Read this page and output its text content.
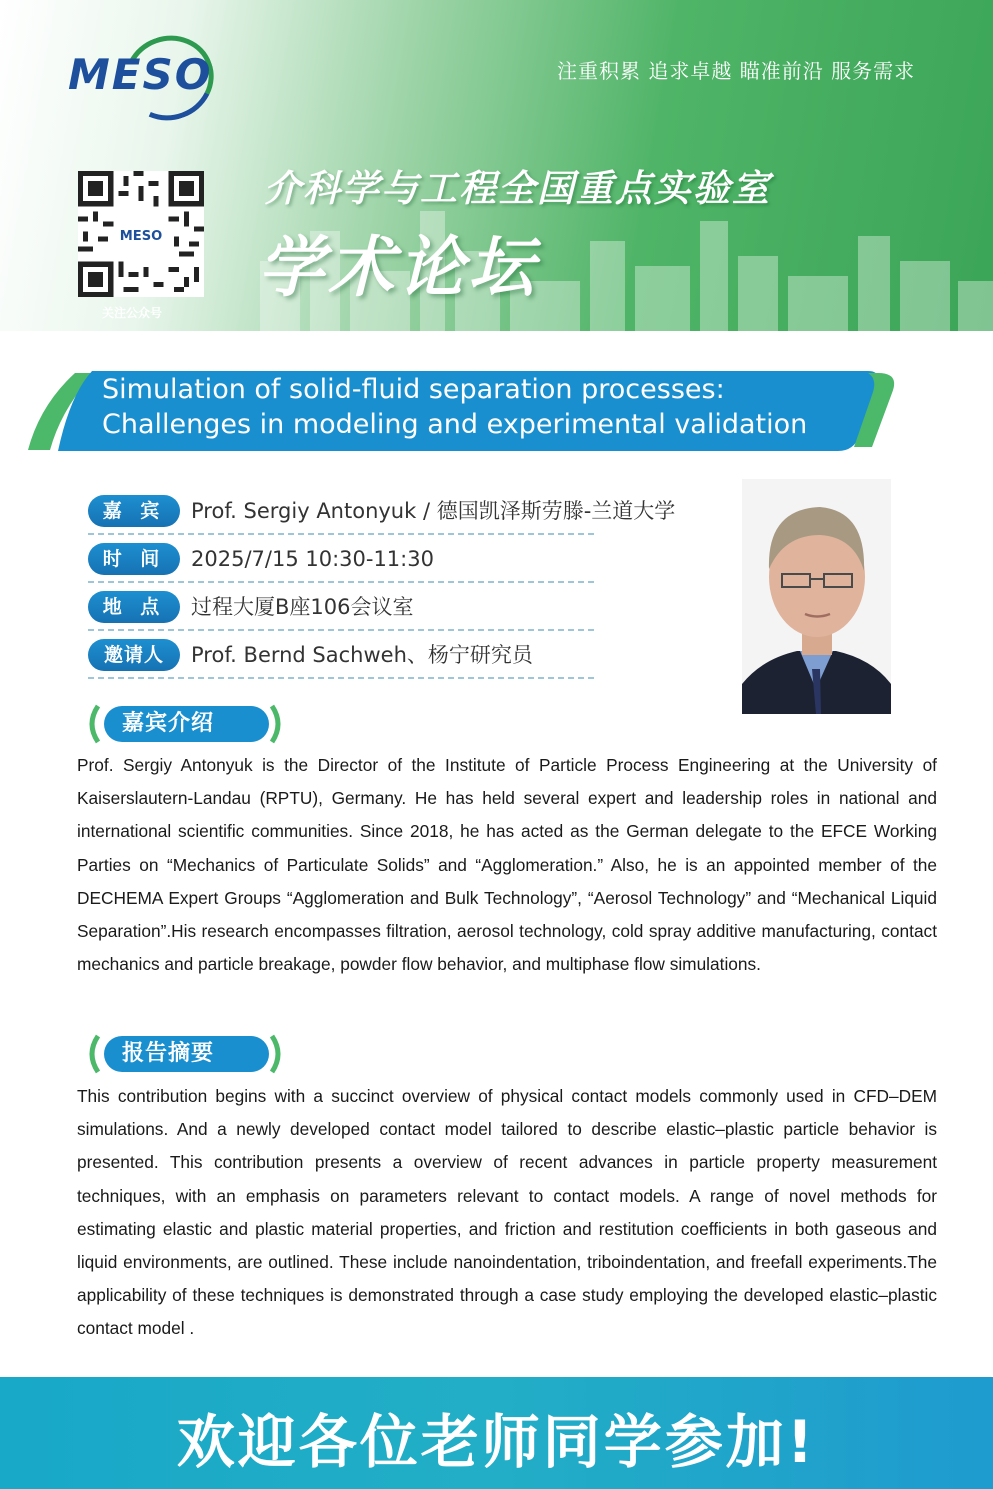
MESO	注重积累 追求卓越 瞄准前沿 服务需求
MESO
关注公众号
介科学与工程全国重点实验室
学术论坛
Simulation of solid-fluid separation processes:
Challenges in modeling and experimental validation
嘉 宾	Prof. Sergiy Antonyuk / 德国凯泽斯劳滕-兰道大学
时 间	2025/7/15 10:30-11:30
地 点	过程大厦B座106会议室
邀请人	Prof. Bernd Sachweh、杨宁研究员
嘉宾介绍

Prof. Sergiy Antonyuk is the Director of the Institute of Particle Process Engineering at the University of Kaiserslautern-Landau (RPTU), Germany. He has held several expert and leadership roles in national and international scientific communities. Since 2018, he has acted as the German delegate to the EFCE Working Parties on “Mechanics of Particulate Solids” and “Agglomeration.” Also, he is an appointed member of the DECHEMA Expert Groups “Agglomeration and Bulk Technology”, “Aerosol Technology” and “Mechanical Liquid Separation”.His research encompasses filtration, aerosol technology, cold spray additive manufacturing, contact mechanics and particle breakage, powder flow behavior, and multiphase flow simulations.

报告摘要

This contribution begins with a succinct overview of physical contact models commonly used in CFD–DEM simulations. And a newly developed contact model tailored to describe elastic–plastic particle behavior is presented. This contribution presents a overview of recent advances in particle property measurement techniques, with an emphasis on parameters relevant to contact models. A range of novel methods for estimating elastic and plastic material properties, and friction and restitution coefficients in both gaseous and liquid environments, are outlined. These include nanoindentation, triboindentation, and freefall experiments.The applicability of these techniques is demonstrated through a case study employing the developed elastic–plastic contact model .

欢迎各位老师同学参加!
